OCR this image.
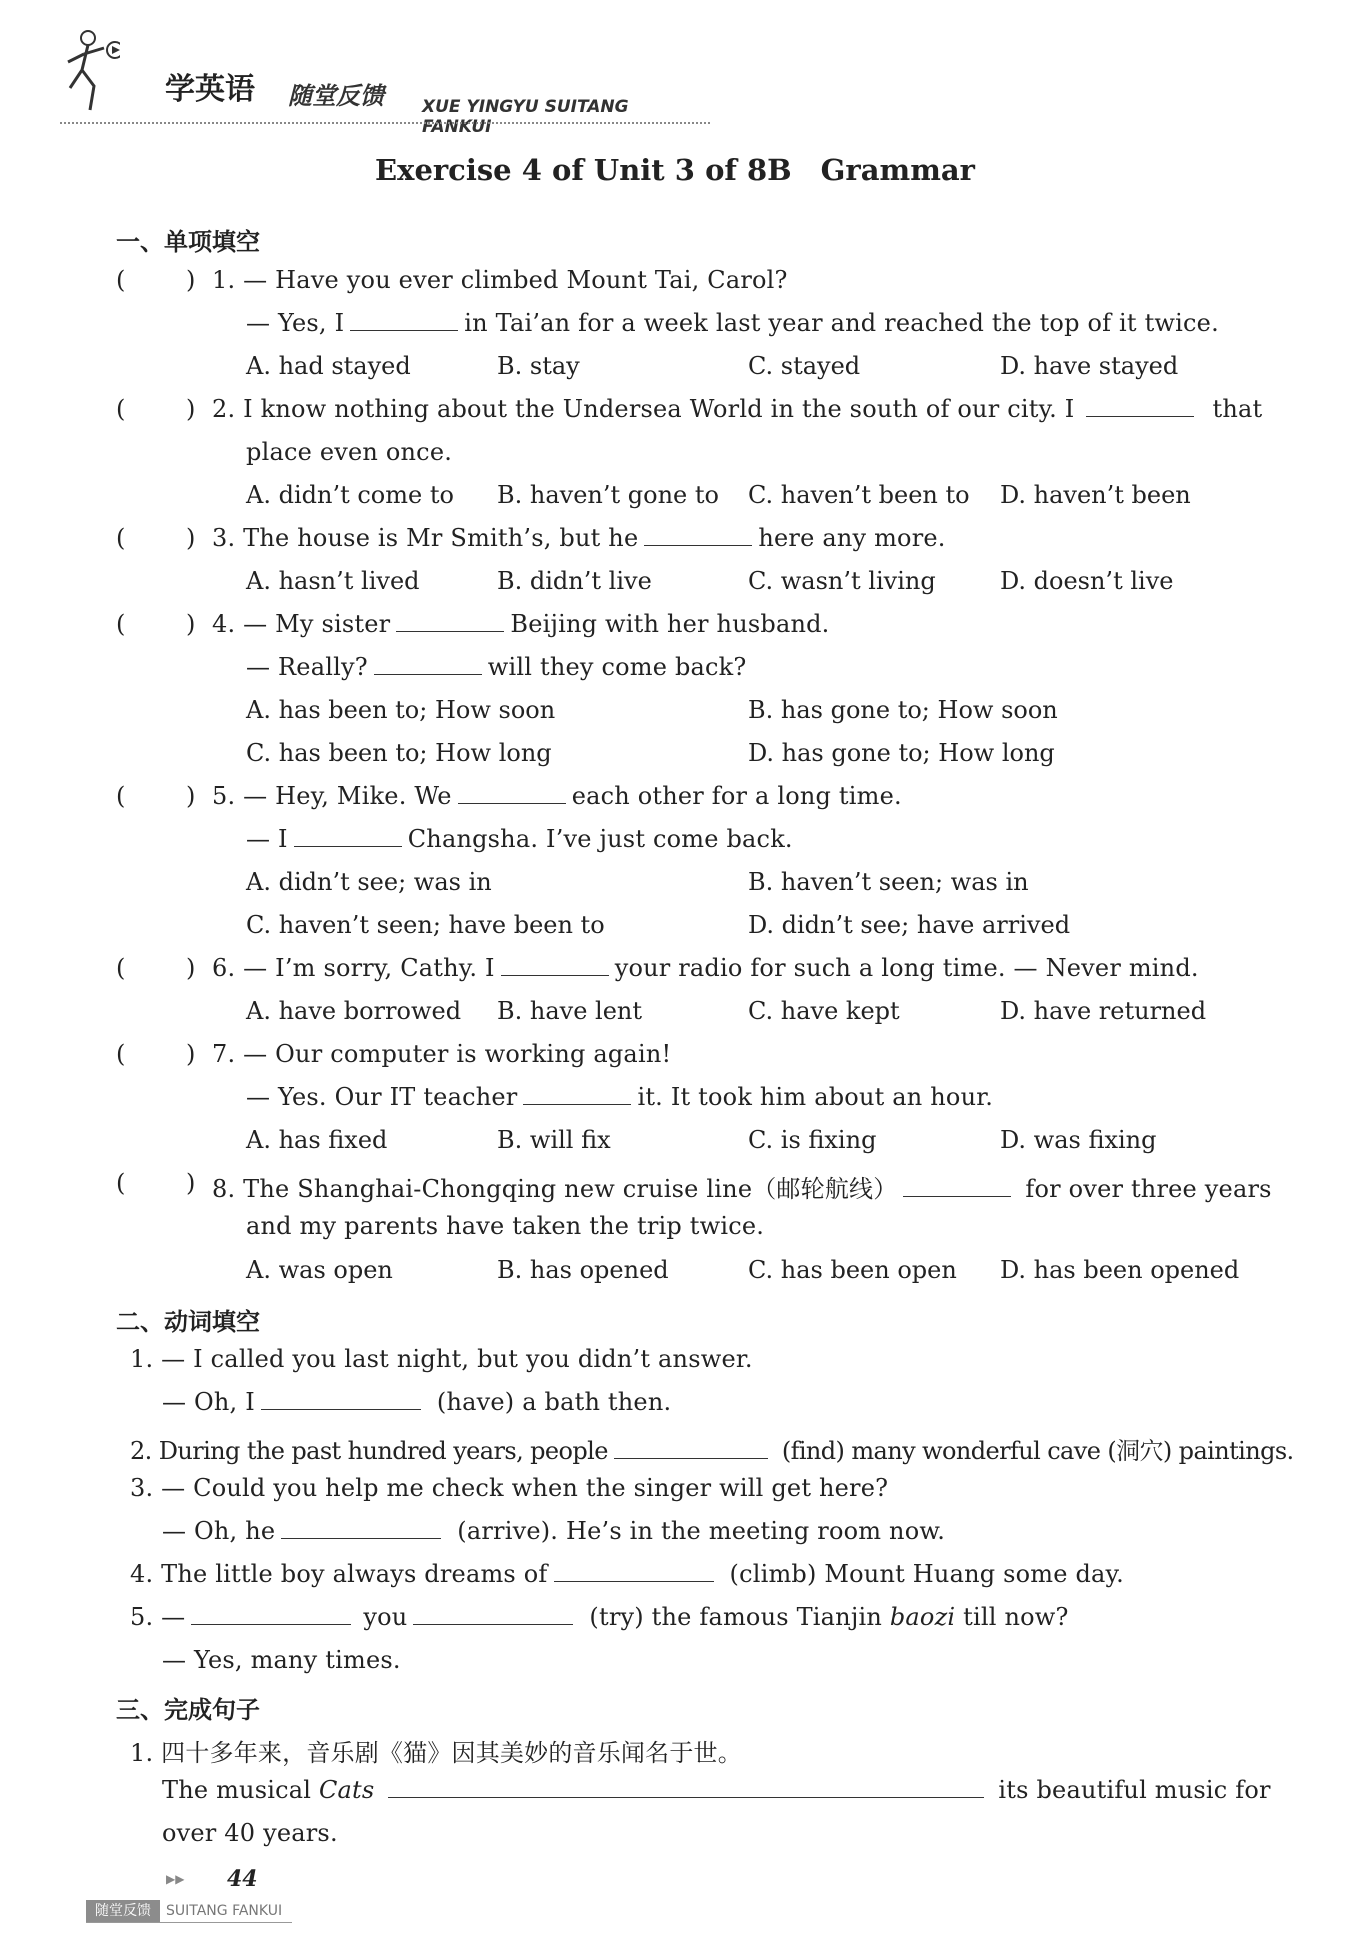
学英语 随堂反馈 XUE YINGYU SUITANG FANKUI
Exercise 4 of Unit 3 of 8B　Grammar
一、单项填空
(	) 1. — Have you ever climbed Mount Tai, Carol?
— Yes, I	in Tai’an for a week last year and reached the top of it twice.
A. had stayed	B. stay	C. stayed	D. have stayed
(	) 2. I know nothing about the Undersea World in the south of our city. I	that
place even once.
A. didn’t come to B. haven’t gone to C. haven’t been to D. haven’t been
(	) 3. The house is Mr Smith’s, but he	here any more.
A. hasn’t lived	B. didn’t live	C. wasn’t living	D. doesn’t live
(	) 4. — My sister	Beijing with her husband.
— Really?	will they come back?
A. has been to; How soon	B. has gone to; How soon
C. has been to; How long	D. has gone to; How long
(	) 5. — Hey, Mike. We	each other for a long time.
— I	Changsha. I’ve just come back.
A. didn’t see; was in	B. haven’t seen; was in
C. haven’t seen; have been to	D. didn’t see; have arrived
(	) 6. — I’m sorry, Cathy. I	your radio for such a long time. — Never mind.
A. have borrowed B. have lent	C. have kept	D. have returned
(	) 7. — Our computer is working again!
— Yes. Our IT teacher	it. It took him about an hour.
A. has fixed	B. will fix	C. is fixing	D. was fixing
(	) 8. The Shanghai-Chongqing new cruise line（邮轮航线）	for over three years
and my parents have taken the trip twice.
A. was open	B. has opened	C. has been open D. has been opened
二、动词填空
1. — I called you last night, but you didn’t answer.
— Oh, I	(have) a bath then.
2. During the past hundred years, people	(find) many wonderful cave (洞穴) paintings.
3. — Could you help me check when the singer will get here?
— Oh, he	(arrive). He’s in the meeting room now.
4. The little boy always dreams of	(climb) Mount Huang some day.
5. —	you	(try) the famous Tianjin baozi till now?
— Yes, many times.
三、完成句子
1. 四十多年来，音乐剧《猫》因其美妙的音乐闻名于世。
The musical Cats	its beautiful music for
over 40 years.
▶▶ 44
随堂反馈	SUITANG FANKUI
